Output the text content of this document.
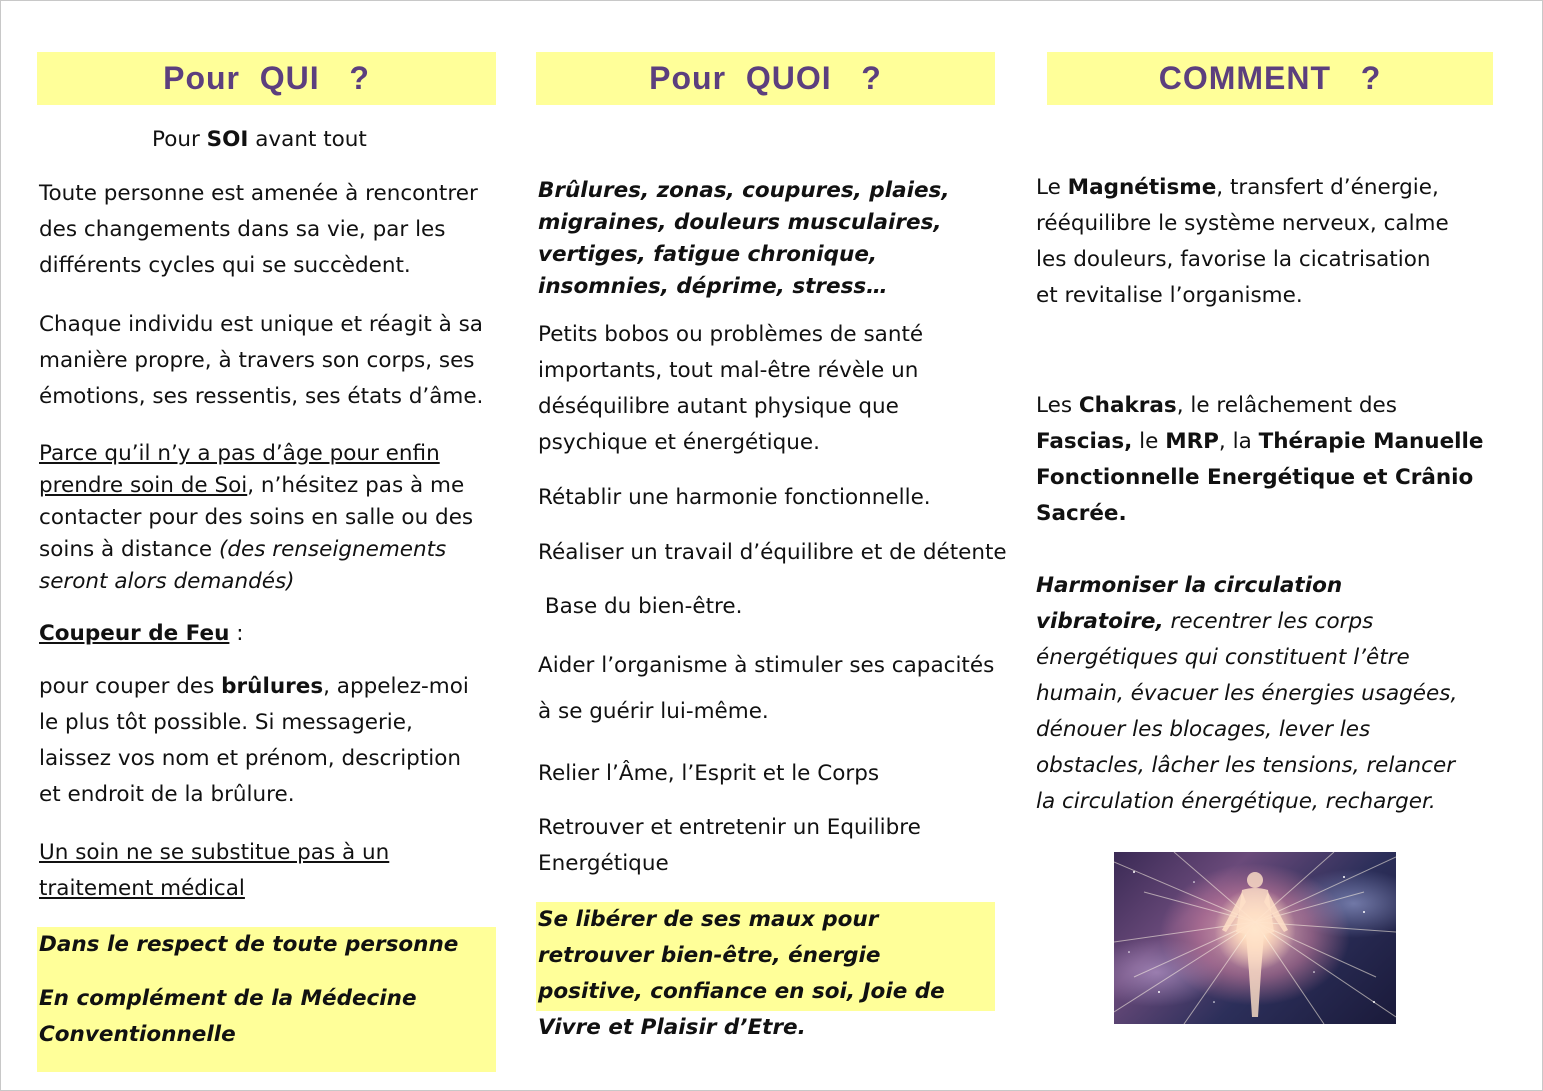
Pour  QUI   ?	Pour  QUOI   ?	COMMENT   ?

Pour SOI avant tout

Toute personne est amenée à rencontrer des changements dans sa vie, par les différents cycles qui se succèdent.

Chaque individu est unique et réagit à sa manière propre, à travers son corps, ses émotions, ses ressentis, ses états d’âme.

Parce qu’il n’y a pas d’âge pour enfin prendre soin de Soi, n’hésitez pas à me contacter pour des soins en salle ou des soins à distance (des renseignements seront alors demandés)

Coupeur de Feu :

pour couper des brûlures, appelez-moi le plus tôt possible. Si messagerie, laissez vos nom et prénom, description et endroit de la brûlure.

Un soin ne se substitue pas à un traitement médical

Dans le respect de toute personne

En complément de la Médecine Conventionnelle

Brûlures, zonas, coupures, plaies, migraines, douleurs musculaires, vertiges, fatigue chronique, insomnies, déprime, stress…

Petits bobos ou problèmes de santé importants, tout mal-être révèle un déséquilibre autant physique que psychique et énergétique.

Rétablir une harmonie fonctionnelle.

Réaliser un travail d’équilibre et de détente

Base du bien-être.

Aider l’organisme à stimuler ses capacités à se guérir lui-même.

Relier l’Âme, l’Esprit et le Corps

Retrouver et entretenir un Equilibre Energétique

Se libérer de ses maux pour retrouver bien-être, énergie positive, confiance en soi, Joie de Vivre et Plaisir d’Etre.

Le Magnétisme, transfert d’énergie, rééquilibre le système nerveux, calme les douleurs, favorise la cicatrisation et revitalise l’organisme.

Les Chakras, le relâchement des Fascias, le MRP, la Thérapie Manuelle Fonctionnelle Energétique et Crânio Sacrée.

Harmoniser la circulation vibratoire, recentrer les corps énergétiques qui constituent l’être humain, évacuer les énergies usagées, dénouer les blocages, lever les obstacles, lâcher les tensions, relancer la circulation énergétique, recharger.
